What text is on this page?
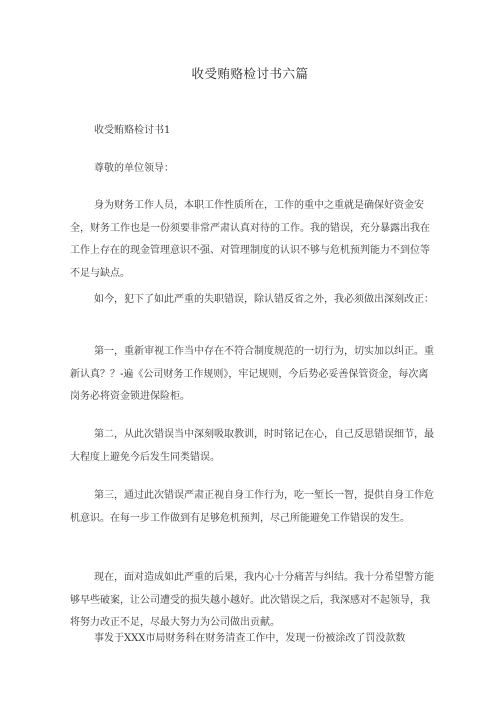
收受贿赂检讨书六篇

收受贿赂检讨书1

尊敬的单位领导：

身为财务工作人员，本职工作性质所在，工作的重中之重就是确保好资金安全，财务工作也是一份须要非常严肃认真对待的工作。我的错误，充分暴露出我在工作上存在的现金管理意识不强、对管理制度的认识不够与危机预判能力不到位等不足与缺点。

如今，犯下了如此严重的失职错误，除认错反省之外，我必须做出深刻改正：

第一，重新审视工作当中存在不符合制度规范的一切行为，切实加以纠正。重新认真？？-遍《公司财务工作规则》，牢记规则，今后势必妥善保管资金，每次离岗务必将资金锁进保险柜。

第二，从此次错误当中深刻吸取教训，时时铭记在心，自己反思错误细节，最大程度上避免今后发生同类错误。

第三，通过此次错误严肃正视自身工作行为，吃一堑长一智，提供自身工作危机意识。在每一步工作做到有足够危机预判，尽己所能避免工作错误的发生。

现在，面对造成如此严重的后果，我内心十分痛苦与纠结。我十分希望警方能够早些破案，让公司遭受的损失越小越好。此次错误之后，我深感对不起领导，我将努力改正不足，尽最大努力为公司做出贡献。

事发于XXX市局财务科在财务清查工作中，发现一份被涂改了罚没款数
